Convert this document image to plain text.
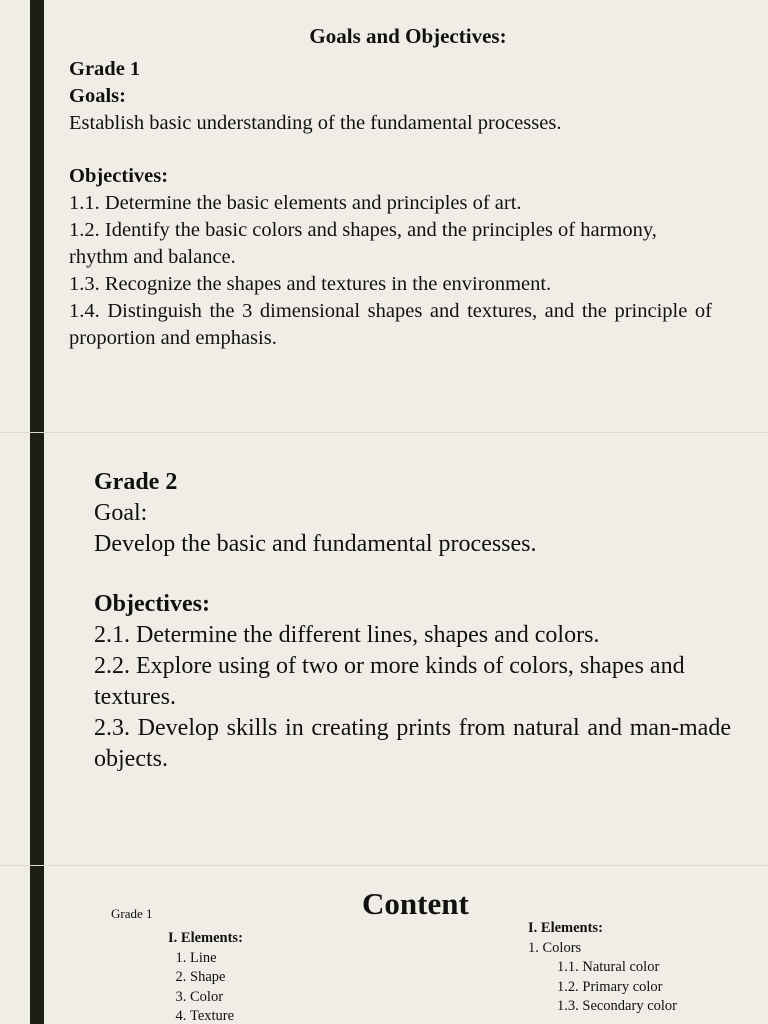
Goals and Objectives:
Grade 1
Goals:
Establish basic understanding of the fundamental processes.
Objectives:
1.1. Determine the basic elements and principles of art.
1.2. Identify the basic colors and shapes, and the principles of harmony, rhythm and balance.
1.3. Recognize the shapes and textures in the environment.
1.4. Distinguish the 3 dimensional shapes and textures, and the principle of proportion and emphasis.
Grade 2
Goal:
Develop the basic and fundamental processes.
Objectives:
2.1. Determine the different lines, shapes and colors.
2.2. Explore using of two or more kinds of colors, shapes and textures.
2.3. Develop skills in creating prints from natural and man-made objects.
Grade 1	Content
I. Elements:
1. Line
2. Shape
3. Color
4. Texture
I. Elements:
1. Colors
1.1. Natural color
1.2. Primary color
1.3. Secondary color
